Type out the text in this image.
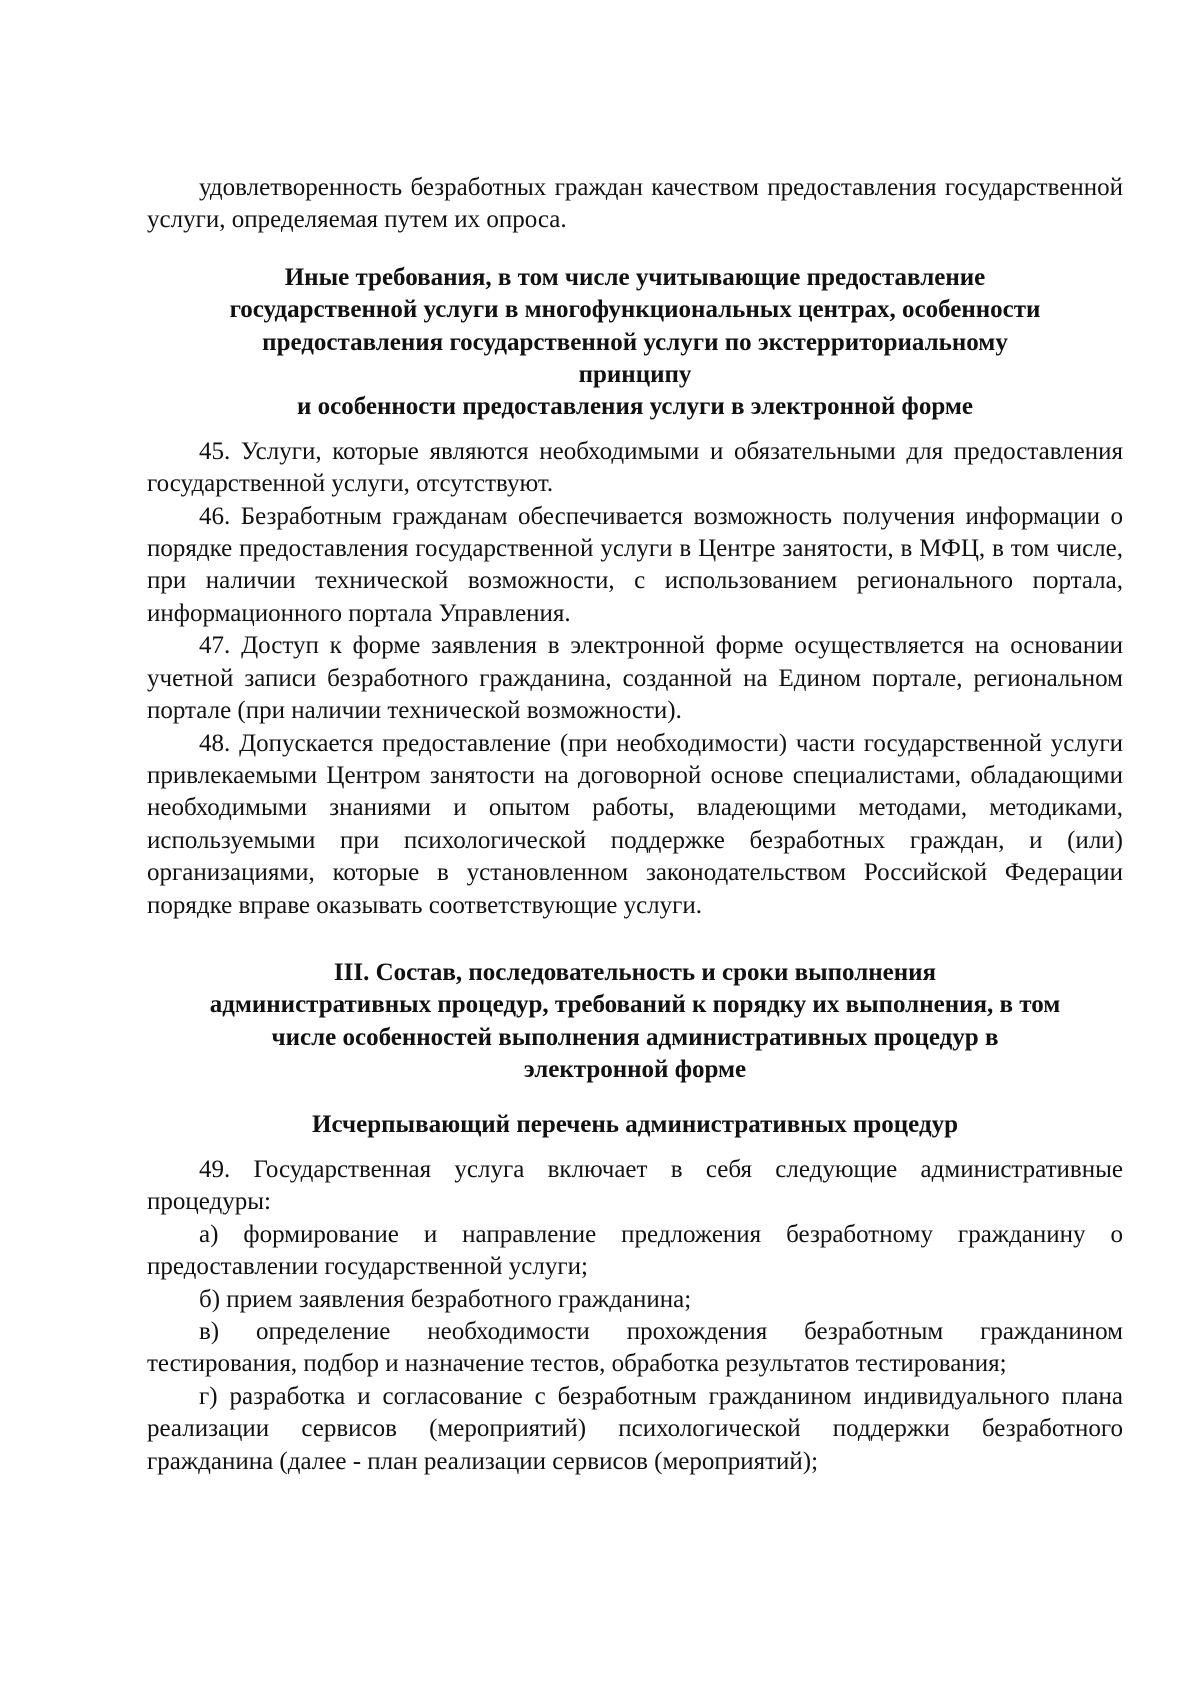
удовлетворенность безработных граждан качеством предоставления государственной услуги, определяемая путем их опроса.

Иные требования, в том числе учитывающие предоставление
государственной услуги в многофункциональных центрах, особенности
предоставления государственной услуги по экстерриториальному
принципу
и особенности предоставления услуги в электронной форме

45. Услуги, которые являются необходимыми и обязательными для предоставления государственной услуги, отсутствуют.

46. Безработным гражданам обеспечивается возможность получения информации о порядке предоставления государственной услуги в Центре занятости, в МФЦ, в том числе, при наличии технической возможности, с использованием регионального портала, информационного портала Управления.

47. Доступ к форме заявления в электронной форме осуществляется на основании учетной записи безработного гражданина, созданной на Едином портале, региональном портале (при наличии технической возможности).

48. Допускается предоставление (при необходимости) части государственной услуги привлекаемыми Центром занятости на договорной основе специалистами, обладающими необходимыми знаниями и опытом работы, владеющими методами, методиками, используемыми при психологической поддержке безработных граждан, и (или) организациями, которые в установленном законодательством Российской Федерации порядке вправе оказывать соответствующие услуги.

III. Состав, последовательность и сроки выполнения
административных процедур, требований к порядку их выполнения, в том
числе особенностей выполнения административных процедур в
электронной форме
Исчерпывающий перечень административных процедур

49. Государственная услуга включает в себя следующие административные процедуры:

а) формирование и направление предложения безработному гражданину о предоставлении государственной услуги;

б) прием заявления безработного гражданина;

в) определение необходимости прохождения безработным гражданином тестирования, подбор и назначение тестов, обработка результатов тестирования;

г) разработка и согласование с безработным гражданином индивидуального плана реализации сервисов (мероприятий) психологической поддержки безработного гражданина (далее - план реализации сервисов (мероприятий);
